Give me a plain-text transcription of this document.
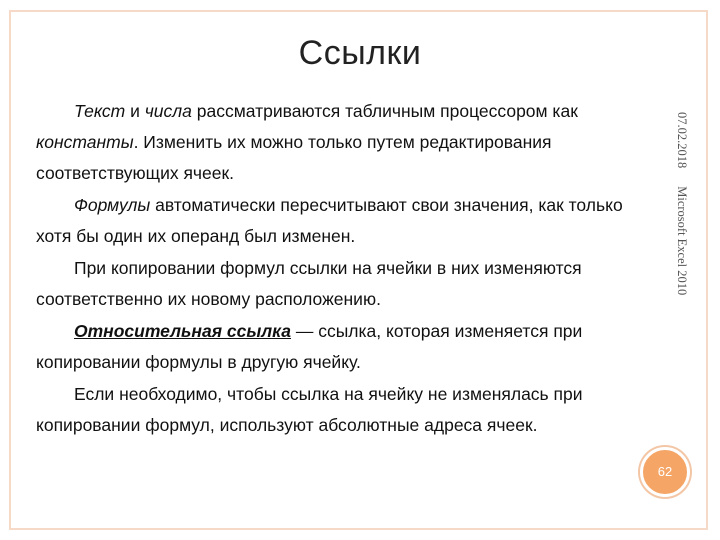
Ссылки

Текст и числа рассматриваются табличным процессором как константы. Изменить их можно только путем редактирования соответствующих ячеек.

Формулы автоматически пересчитывают свои значения, как только хотя бы один их операнд был изменен.

При копировании формул ссылки на ячейки в них изменяются соответственно их новому расположению.

Относительная ссылка — ссылка, которая изменяется при копировании формулы в другую ячейку.

Если необходимо, чтобы ссылка на ячейку не изменялась при копировании формул, используют абсолютные адреса ячеек.

07.02.2018Microsoft Excel 2010
62
